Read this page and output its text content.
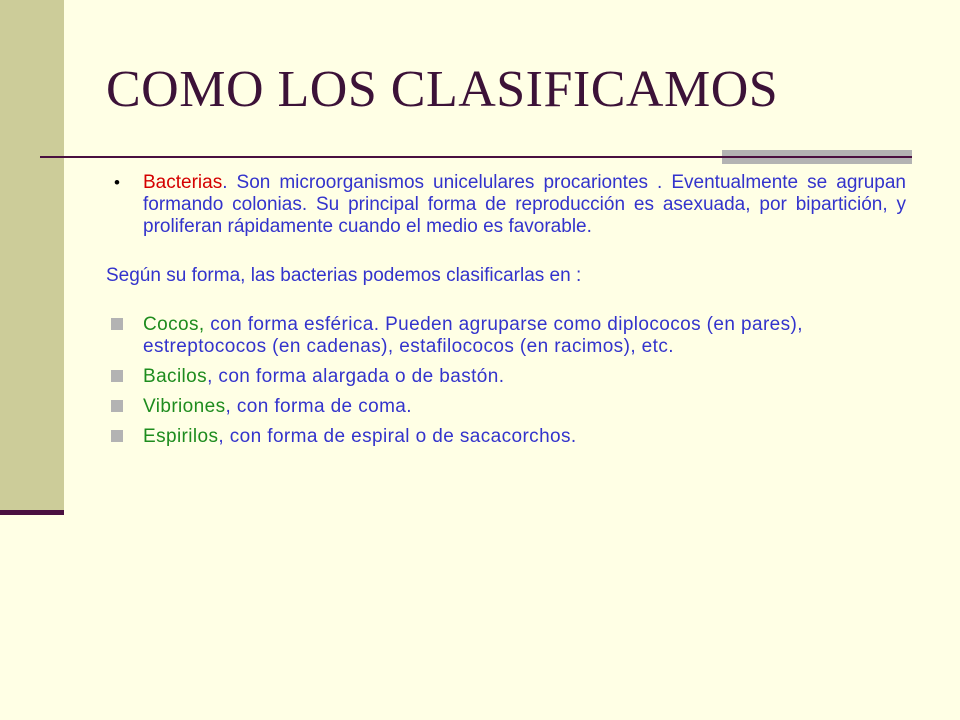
COMO LOS CLASIFICAMOS
• Bacterias. Son microorganismos unicelulares procariontes . Eventualmente se agrupan formando colonias. Su principal forma de reproducción es asexuada, por bipartición, y proliferan rápidamente cuando el medio es favorable.
Según su forma, las bacterias podemos clasificarlas en :
Cocos, con forma esférica. Pueden agruparse como diplococos (en pares), estreptococos (en cadenas), estafilococos (en racimos), etc.
Bacilos, con forma alargada o de bastón.
Vibriones, con forma de coma.
Espirilos, con forma de espiral o de sacacorchos.
